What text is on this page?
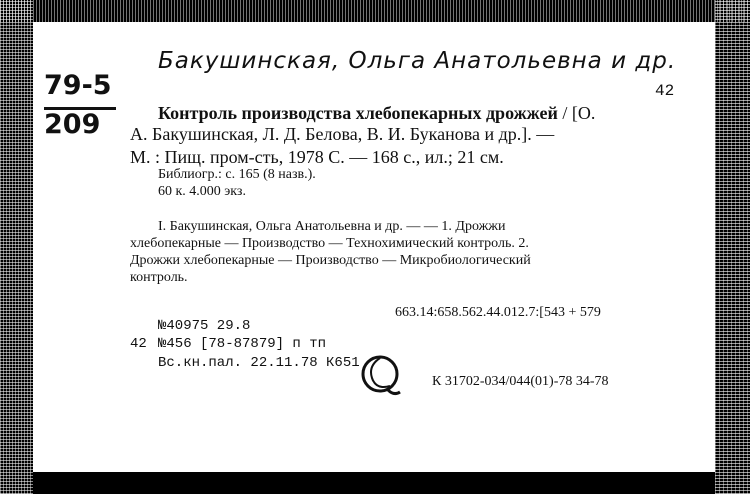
Бакушинская, Ольга Анатольевна и др.
79-5
209
42
Контроль производства хлебопекарных дрожжей / [О.
А. Бакушинская, Л. Д. Белова, В. И. Буканова и др.]. —
М. : Пищ. пром-сть, 1978 С. — 168 с., ил.; 21 см.
Библиогр.: с. 165 (8 назв.).
60 к. 4.000 экз.
I. Бакушинская, Ольга Анатольевна и др. — — 1. Дрожжи
хлебопекарные — Производство — Технохимический контроль. 2.
Дрожжи хлебопекарные — Производство — Микробиологический
контроль.
663.14:658.562.44.012.7:[543 + 579
№40975 29.8
42 №456 [78-87879] п тп
Вс.кн.пал. 22.11.78 К651
К 31702-034/044(01)-78 34-78
